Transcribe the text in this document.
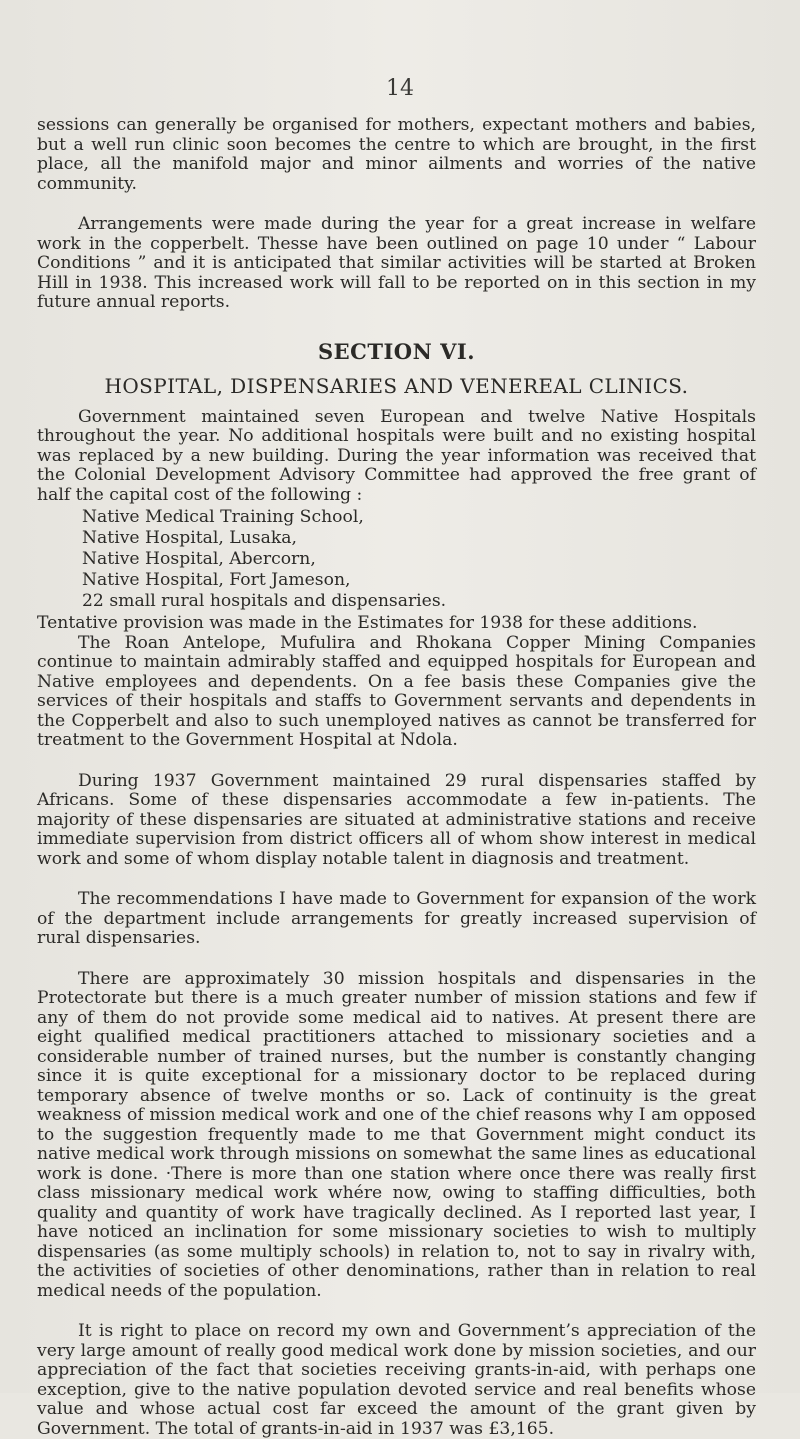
14

sessions can generally be organised for mothers, expectant mothers and babies, but a well run clinic soon becomes the centre to which are brought, in the first place, all the manifold major and minor ailments and worries of the native community.

Arrangements were made during the year for a great increase in welfare work in the copperbelt. Thesse have been outlined on page 10 under “ Labour Conditions ” and it is anticipated that similar activities will be started at Broken Hill in 1938. This increased work will fall to be reported on in this section in my future annual reports.

SECTION VI.
HOSPITAL, DISPENSARIES AND VENEREAL CLINICS.

Government maintained seven European and twelve Native Hospitals throughout the year. No additional hospitals were built and no existing hospital was replaced by a new building. During the year information was received that the Colonial Development Advisory Committee had approved the free grant of half the capital cost of the following :

Native Medical Training School,
Native Hospital, Lusaka,
Native Hospital, Abercorn,
Native Hospital, Fort Jameson,
22 small rural hospitals and dispensaries.

Tentative provision was made in the Estimates for 1938 for these additions.

The Roan Antelope, Mufulira and Rhokana Copper Mining Companies continue to maintain admirably staffed and equipped hospitals for European and Native employees and dependents. On a fee basis these Companies give the services of their hospitals and staffs to Government servants and dependents in the Copperbelt and also to such unemployed natives as cannot be transferred for treatment to the Government Hospital at Ndola.

During 1937 Government maintained 29 rural dispensaries staffed by Africans. Some of these dispensaries accommodate a few in-patients. The majority of these dispensaries are situated at administrative stations and receive immediate supervision from district officers all of whom show interest in medical work and some of whom display notable talent in diagnosis and treatment.

The recommendations I have made to Government for expansion of the work of the department include arrangements for greatly increased supervision of rural dispensaries.

There are approximately 30 mission hospitals and dispensaries in the Protectorate but there is a much greater number of mission stations and few if any of them do not provide some medical aid to natives. At present there are eight qualified medical practitioners attached to missionary societies and a considerable number of trained nurses, but the number is constantly changing since it is quite exceptional for a missionary doctor to be replaced during temporary absence of twelve months or so. Lack of continuity is the great weakness of mission medical work and one of the chief reasons why I am opposed to the suggestion frequently made to me that Government might conduct its native medical work through missions on somewhat the same lines as educational work is done. ·There is more than one station where once there was really first class missionary medical work whére now, owing to staffing difficulties, both quality and quantity of work have tragically declined. As I reported last year, I have noticed an inclination for some missionary societies to wish to multiply dispensaries (as some multiply schools) in relation to, not to say in rivalry with, the activities of societies of other denominations, rather than in relation to real medical needs of the population.

It is right to place on record my own and Government’s appreciation of the very large amount of really good medical work done by mission societies, and our appreciation of the fact that societies receiving grants-in-aid, with perhaps one exception, give to the native population devoted service and real benefits whose value and whose actual cost far exceed the amount of the grant given by Government. The total of grants-in-aid in 1937 was £3,165.
